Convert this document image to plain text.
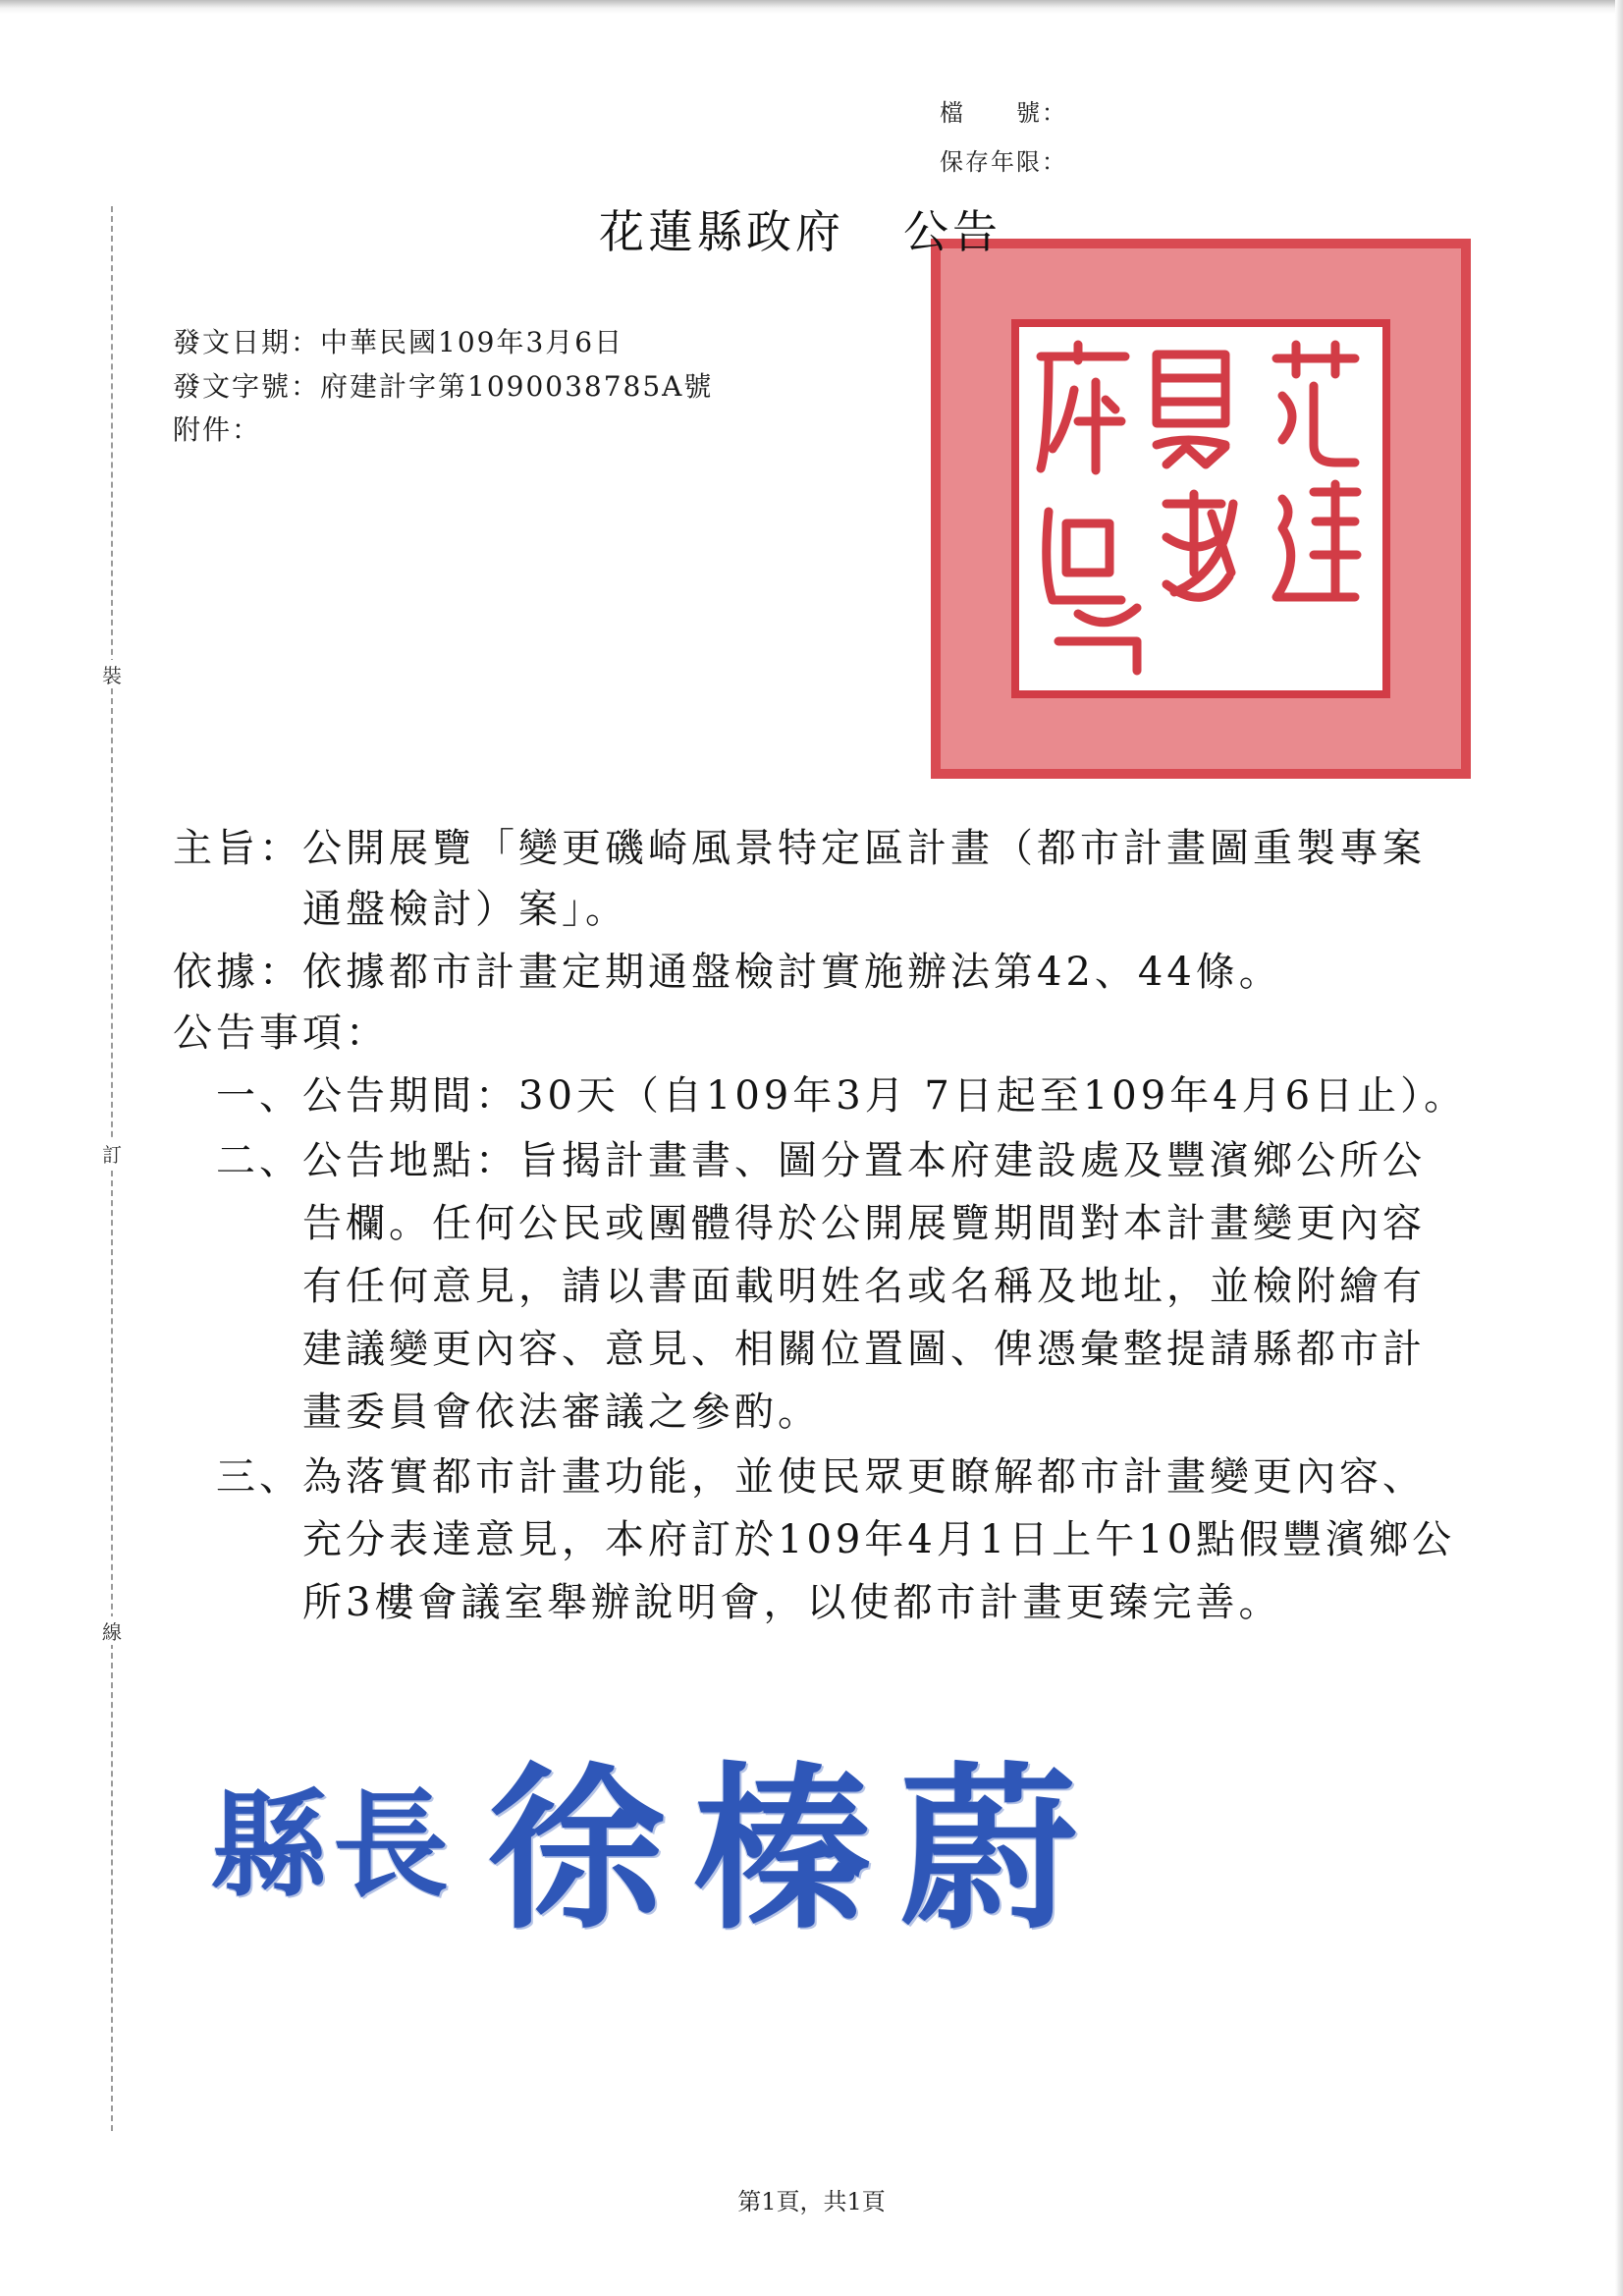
裝
訂
線
檔　　號：
保存年限：
花蓮縣政府 公告
發文日期：中華民國109年3月6日
發文字號：府建計字第1090038785A號
附件：
主旨：公開展覽「變更磯崎風景特定區計畫（都市計畫圖重製專案
通盤檢討）案」。
依據：依據都市計畫定期通盤檢討實施辦法第42、44條。
公告事項：
一、公告期間：30天（自109年3月 7日起至109年4月6日止）。
二、公告地點：旨揭計畫書、圖分置本府建設處及豐濱鄉公所公
告欄。任何公民或團體得於公開展覽期間對本計畫變更內容
有任何意見，請以書面載明姓名或名稱及地址，並檢附繪有
建議變更內容、意見、相關位置圖、俾憑彙整提請縣都市計
畫委員會依法審議之參酌。
三、為落實都市計畫功能，並使民眾更瞭解都市計畫變更內容、
充分表達意見，本府訂於109年4月1日上午10點假豐濱鄉公
所3樓會議室舉辦說明會，以使都市計畫更臻完善。
縣長 徐榛蔚
第1頁，共1頁
